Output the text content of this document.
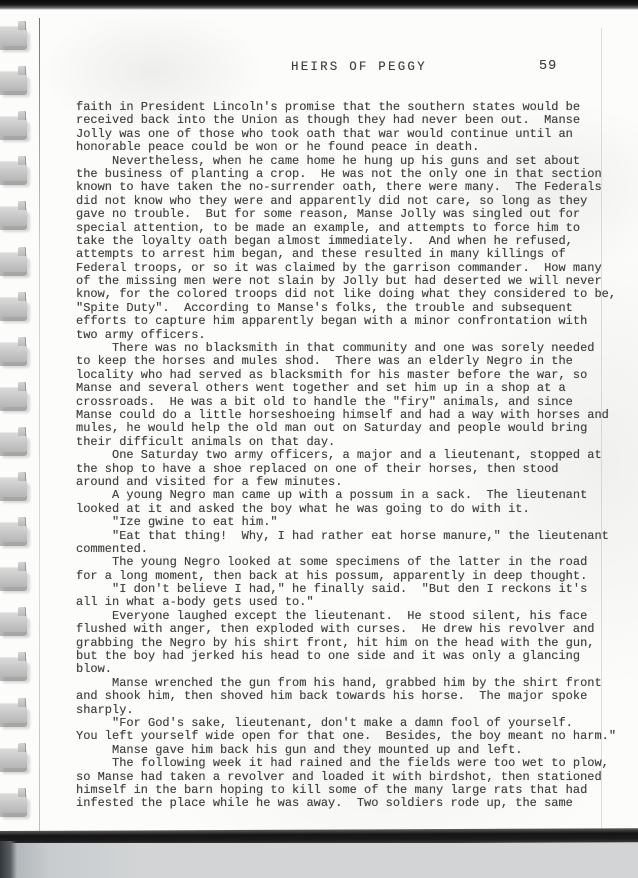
HEIRS OF PEGGY	59
faith in President Lincoln's promise that the southern states would be
received back into the Union as though they had never been out.  Manse
Jolly was one of those who took oath that war would continue until an
honorable peace could be won or he found peace in death.
Nevertheless, when he came home he hung up his guns and set about
the business of planting a crop.  He was not the only one in that section
known to have taken the no-surrender oath, there were many.  The Federals
did not know who they were and apparently did not care, so long as they
gave no trouble.  But for some reason, Manse Jolly was singled out for
special attention, to be made an example, and attempts to force him to
take the loyalty oath began almost immediately.  And when he refused,
attempts to arrest him began, and these resulted in many killings of
Federal troops, or so it was claimed by the garrison commander.  How many
of the missing men were not slain by Jolly but had deserted we will never
know, for the colored troops did not like doing what they considered to be,
"Spite Duty".  According to Manse's folks, the trouble and subsequent
efforts to capture him apparently began with a minor confrontation with
two army officers.
There was no blacksmith in that community and one was sorely needed
to keep the horses and mules shod.  There was an elderly Negro in the
locality who had served as blacksmith for his master before the war, so
Manse and several others went together and set him up in a shop at a
crossroads.  He was a bit old to handle the "firy" animals, and since
Manse could do a little horseshoeing himself and had a way with horses and
mules, he would help the old man out on Saturday and people would bring
their difficult animals on that day.
One Saturday two army officers, a major and a lieutenant, stopped at
the shop to have a shoe replaced on one of their horses, then stood
around and visited for a few minutes.
A young Negro man came up with a possum in a sack.  The lieutenant
looked at it and asked the boy what he was going to do with it.
"Ize gwine to eat him."
"Eat that thing!  Why, I had rather eat horse manure," the lieutenant
commented.
The young Negro looked at some specimens of the latter in the road
for a long moment, then back at his possum, apparently in deep thought.
"I don't believe I had," he finally said.  "But den I reckons it's
all in what a-body gets used to."
Everyone laughed except the lieutenant.  He stood silent, his face
flushed with anger, then exploded with curses.  He drew his revolver and
grabbing the Negro by his shirt front, hit him on the head with the gun,
but the boy had jerked his head to one side and it was only a glancing
blow.
Manse wrenched the gun from his hand, grabbed him by the shirt front
and shook him, then shoved him back towards his horse.  The major spoke
sharply.
"For God's sake, lieutenant, don't make a damn fool of yourself.
You left yourself wide open for that one.  Besides, the boy meant no harm."
Manse gave him back his gun and they mounted up and left.
The following week it had rained and the fields were too wet to plow,
so Manse had taken a revolver and loaded it with birdshot, then stationed
himself in the barn hoping to kill some of the many large rats that had
infested the place while he was away.  Two soldiers rode up, the same
